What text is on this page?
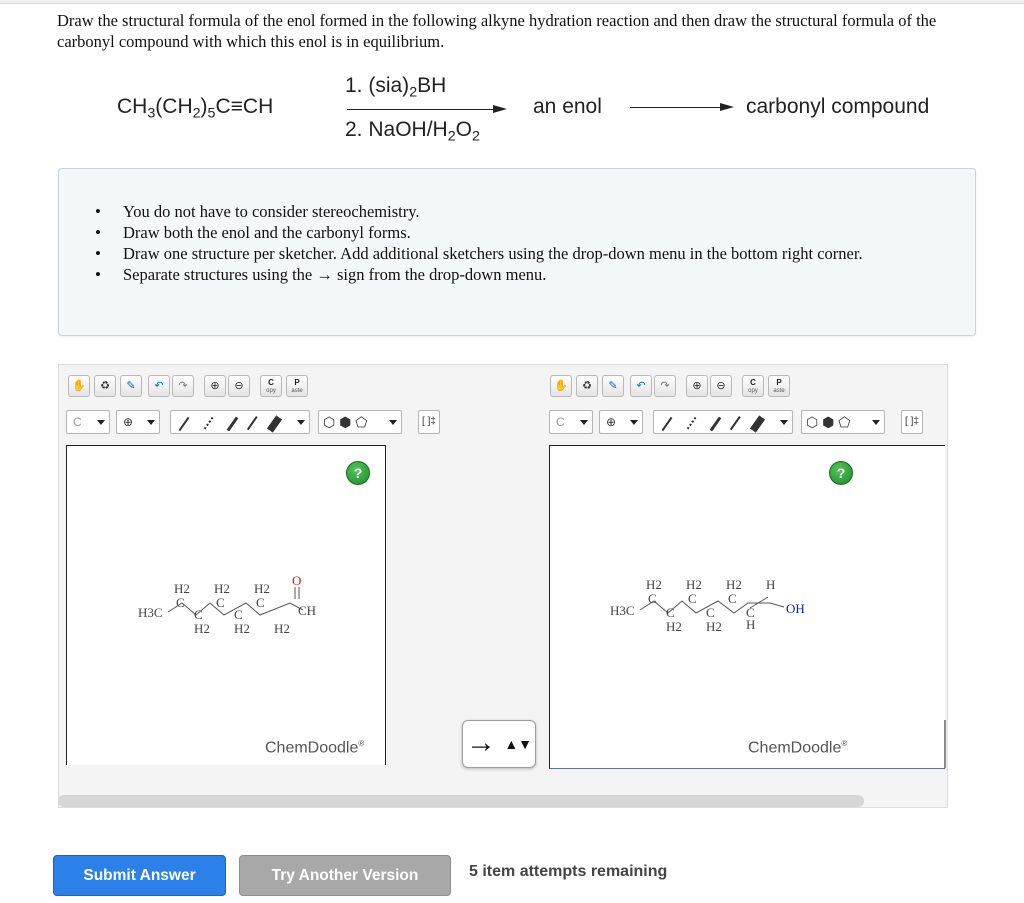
Draw the structural formula of the enol formed in the following alkyne hydration reaction and then draw the structural formula of the carbonyl compound with which this enol is in equilibrium.
$CH_3(CH_2)_5C\equiv CH$
1. $(sia)_2BH$
2. NaOH/$H_2O_2$
an enol	carbonyl compound
• You do not have to consider stereochemistry.
• Draw both the enol and the carbonyl forms.
• Draw one structure per sketcher. Add additional sketchers using the drop-down menu in the bottom right corner.
• Separate structures using the → sign from the drop-down menu.
✋	♻	✎	↶	↷	⊕	⊖	C
opy
P
aste
C	⊕	⬡ ⬢ ⬠	[ ]‡
?
ChemDoodle®
H3C
H2 H2 H2
C
C
C
C
C
H2 H2 H2
O
CH
✋	♻	✎	↶	↷	⊕	⊖	C
opy
P
aste
C	⊕	⬡ ⬢ ⬠	[ ]‡
?
ChemDoodle®
H3C
H2 H2 H2 H
C
C
C
C
C
C
H2 H2 H
OH
→ ▲▼
Submit Answer	Try Another Version	5 item attempts remaining
